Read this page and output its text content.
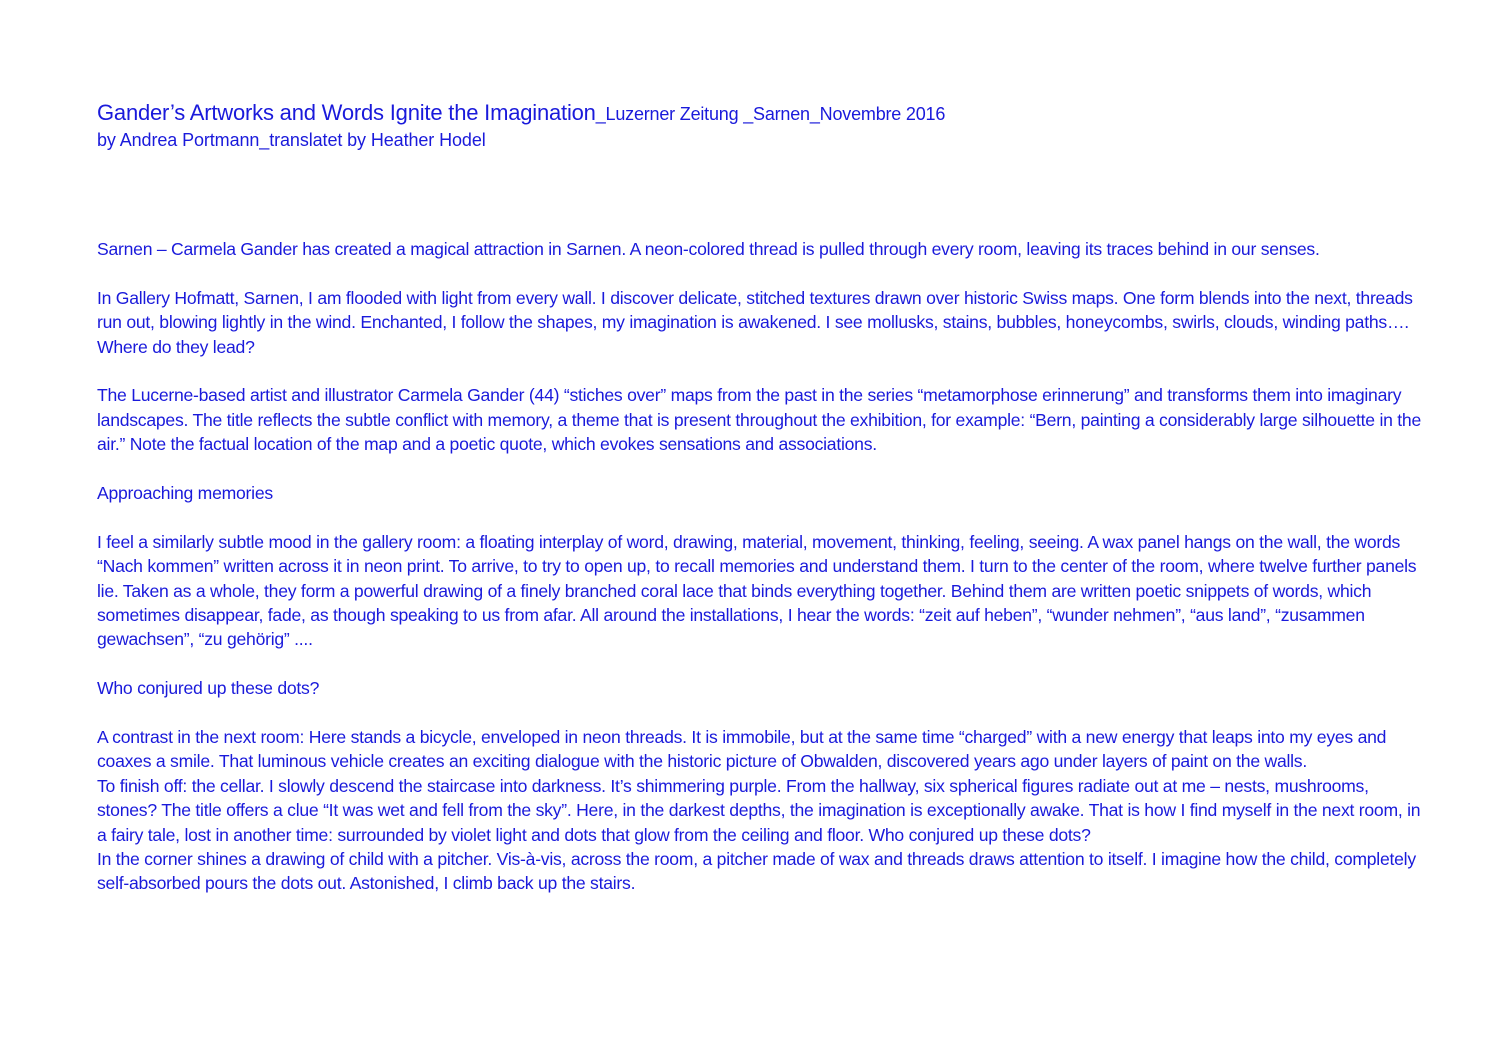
Gander’s Artworks and Words Ignite the Imagination_Luzerner Zeitung _Sarnen_Novembre 2016
by Andrea Portmann_translatet by Heather Hodel

Sarnen – Carmela Gander has created a magical attraction in Sarnen. A neon-colored thread is pulled through every room, leaving its traces behind in our senses.

In Gallery Hofmatt, Sarnen, I am flooded with light from every wall. I discover delicate, stitched textures drawn over historic Swiss maps. One form blends into the next, threads run out, blowing lightly in the wind. Enchanted, I follow the shapes, my imagination is awakened. I see mollusks, stains, bubbles, honeycombs, swirls, clouds, winding paths…. Where do they lead?

The Lucerne-based artist and illustrator Carmela Gander (44) “stiches over” maps from the past in the series “metamorphose erinnerung” and transforms them into imaginary landscapes. The title reflects the subtle conflict with memory, a theme that is present throughout the exhibition, for example: “Bern, painting a considerably large silhouette in the air.” Note the factual location of the map and a poetic quote, which evokes sensations and associations.

Approaching memories

I feel a similarly subtle mood in the gallery room: a floating interplay of word, drawing, material, movement, thinking, feeling, seeing. A wax panel hangs on the wall, the words “Nach kommen” written across it in neon print. To arrive, to try to open up, to recall memories and understand them. I turn to the center of the room, where twelve further panels lie. Taken as a whole, they form a powerful drawing of a finely branched coral lace that binds everything together. Behind them are written poetic snippets of words, which sometimes disappear, fade, as though speaking to us from afar. All around the installations, I hear the words: “zeit auf heben”, “wunder nehmen”, “aus land”, “zusammen gewachsen”, “zu gehörig” ....

Who conjured up these dots?

A contrast in the next room: Here stands a bicycle, enveloped in neon threads. It is immobile, but at the same time “charged” with a new energy that leaps into my eyes and coaxes a smile. That luminous vehicle creates an exciting dialogue with the historic picture of Obwalden, discovered years ago under layers of paint on the walls.

To finish off: the cellar. I slowly descend the staircase into darkness. It’s shimmering purple. From the hallway, six spherical figures radiate out at me – nests, mushrooms, stones? The title offers a clue “It was wet and fell from the sky”. Here, in the darkest depths, the imagination is exceptionally awake. That is how I find myself in the next room, in a fairy tale, lost in another time: surrounded by violet light and dots that glow from the ceiling and floor. Who conjured up these dots?

In the corner shines a drawing of child with a pitcher. Vis-à-vis, across the room, a pitcher made of wax and threads draws attention to itself. I imagine how the child, completely self-absorbed pours the dots out. Astonished, I climb back up the stairs.
